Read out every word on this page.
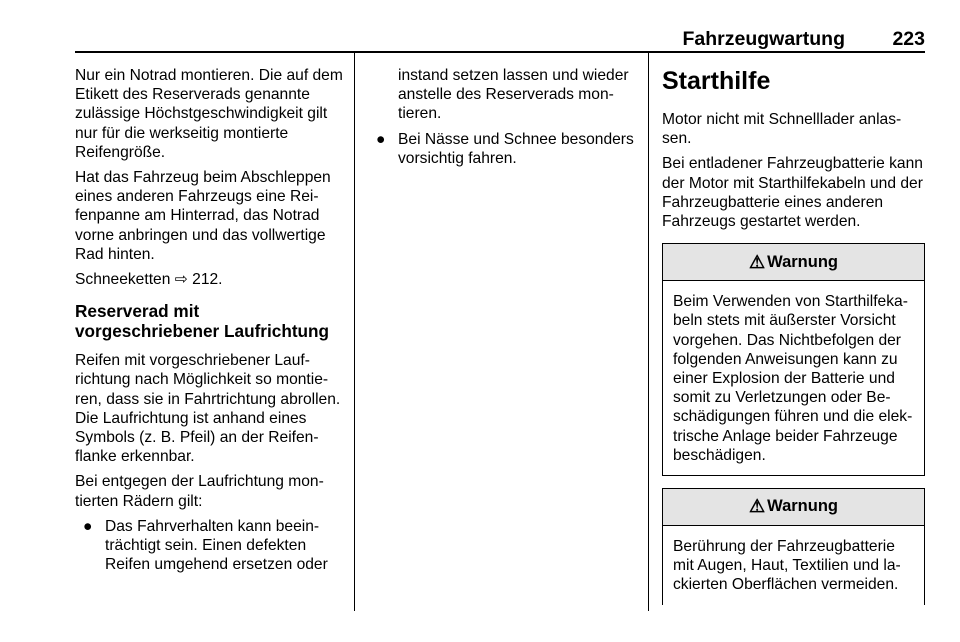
Fahrzeugwartung 223

Nur ein Notrad montieren. Die auf dem Etikett des Reserverads genannte zulässige Höchstgeschwindigkeit gilt nur für die werkseitig montierte Reifengröße.

Hat das Fahrzeug beim Abschleppen eines anderen Fahrzeugs eine Reifenpanne am Hinterrad, das Notrad vorne anbringen und das vollwertige Rad hinten.

Schneeketten ⇨ 212.

Reserverad mit vorgeschriebener Laufrichtung

Reifen mit vorgeschriebener Laufrichtung nach Möglichkeit so montieren, dass sie in Fahrtrichtung abrollen. Die Laufrichtung ist anhand eines Symbols (z. B. Pfeil) an der Reifenflanke erkennbar.

Bei entgegen der Laufrichtung montierten Rädern gilt:

● Das Fahrverhalten kann beeinträchtigt sein. Einen defekten Reifen umgehend ersetzen oder
instand setzen lassen und wieder anstelle des Reserverads montieren.
● Bei Nässe und Schnee besonders vorsichtig fahren.
Starthilfe

Motor nicht mit Schnelllader anlassen.

Bei entladener Fahrzeugbatterie kann der Motor mit Starthilfekabeln und der Fahrzeugbatterie eines anderen Fahrzeugs gestartet werden.

⚠ Warnung
Beim Verwenden von Starthilfekabeln stets mit äußerster Vorsicht vorgehen. Das Nichtbefolgen der folgenden Anweisungen kann zu einer Explosion der Batterie und somit zu Verletzungen oder Beschädigungen führen und die elektrische Anlage beider Fahrzeuge beschädigen.
⚠ Warnung
Berührung der Fahrzeugbatterie mit Augen, Haut, Textilien und lackierten Oberflächen vermeiden.
